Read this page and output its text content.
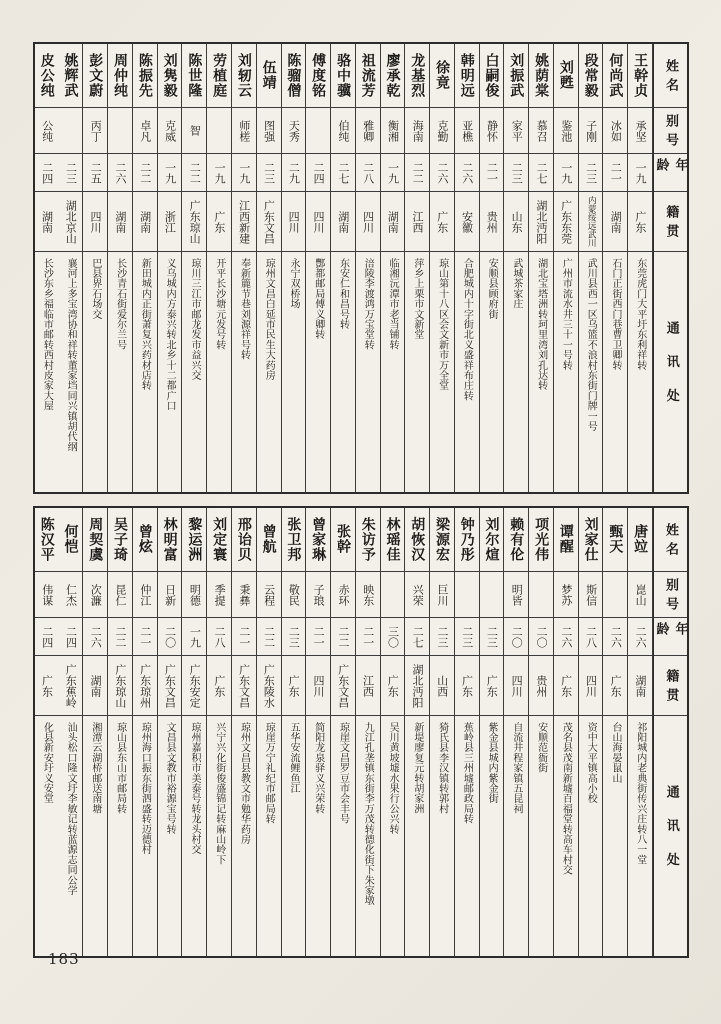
姓名
别号
年龄
籍贯
通讯处
王幹贞
承坚
一九
广东
东莞虎门大平圩东利祥转
何尚武
冰如
二一
湖南
石门正街西门巷曹卫卿转
段常毅
子刚
二三
内蒙绥远武川
武川县西一区乌篮不浪村东街门牌一号
刘甦
鉴池
一九
广东东莞
广州市流水井三十一号转
姚荫棠
慕召
二七
湖北沔阳
湖北宝塔洲转珂里湾刘孔达转
刘振武
家平
二三
山东
武城茶家庄
白嗣俊
静怀
二一
贵州
安顺县顾府街
韩明远
亚樵
二六
安徽
合肥城内十字街北义盛祥布庄转
徐竟
克勤
二六
广东
琼山第十八区会文新市万全堂
龙基烈
海南
二二
江西
萍乡上栗市文新堂
廖承乾
衡湘
一九
湖南
临湘沅潭市老当铺转
祖流芳
雅卿
二八
四川
涪陵李渡鸿万宝堂转
骆中骥
伯纯
二七
湖南
东安仁和昌号转
傅度铭
二四
四川
酆都邮局傅义卿转
陈骝僧
天秀
二九
四川
永宁双桥场
伍靖
图强
二三
广东文昌
琼州文昌白延市民生大药房
刘轫云
师槎
一九
江西新建
奉新簏节巷刘源祥号转
劳植庭
一九
广东
开平长沙塘元发号转
陈世隆
智
二二
广东琼山
琼川三江市邮龙发市益兴交
刘隽毅
克威
一九
浙江
义乌城内方泰兴转北乡十二都广口
陈振先
卓凡
二二
湖南
新田城内正街萧复兴药材店转
周仲纯
二六
湖南
长沙青石街爱尔兰号
彭文蔚
丙丁
二五
四川
巴县界石场交
姚辉武
二三
湖北京山
襄河上多宝湾协和祥转董家垱同兴镇胡代纲
皮公纯
公纯
二四
湖南
长沙东乡福临市邮转西村皮家大屋
姓名
别号
年龄
籍贯
通讯处
唐竝
崑山
二六
湖南
祁阳城内老典街传兴庄转八一堂
甄天
二六
广东
台山海晏鼠山
刘家仕
斯信
二八
四川
资中大平镇高小校
谭醒
梦苏
二六
广东
茂名县茂南新墟百福堂转高车村交
项光伟
二〇
贵州
安顺范衙街
赖有伦
明皆
二〇
四川
自流井程家镇五昆祠
刘尔煊
二三
广东
紫金县城内紫金街
钟乃彤
二三
广东
蕉岭县三州墟邮政局转
梁源宏
巨川
二三
山西
猗氏县李汉镇转郭村
胡恢汉
兴荣
二七
湖北沔阳
新堤廖复元转胡家洲
林瑶佳
三〇
广东
吴川黄坡墟水果行公兴转
朱访予
映东
二一
江西
九江孔垄镇东街李万茂转德化街下朱家墩
张幹
赤环
二二
广东文昌
琼崖文昌罗豆市会丰号
曾家琳
子琅
二一
四川
简阳龙泉驿义兴荣转
张卫邦
敬民
二三
广东
五华安流鲤鱼江
曾航
云程
二二
广东陵水
琼崖万宁礼纪市邮局转
邢诒贝
秉彝
二一
广东文昌
琼州文昌县教文市勉华药房
刘定寰
季提
二八
广东
兴宁兴化街俊盛锦记转麻山岭下
黎运洲
明德
一九
广东安定
琼州嘉积市美泰号转龙头村交
林明富
日新
二〇
广东文昌
文昌县文教市裕源宝号转
曾炫
仲江
二一
广东琼州
琼州海口振东街泗盛转迈德村
吴子琦
昆仁
二二
广东琼山
琼山县东山市邮局转
周契虞
次濂
二六
湖南
湘潭云湖桥邮送南塘
何恺
仁杰
二四
广东蕉岭
汕头松口隆文圩李敏记转蓝源志同公学
陈汉平
伟谋
二四
广东
化县新安圩义安堂
183
